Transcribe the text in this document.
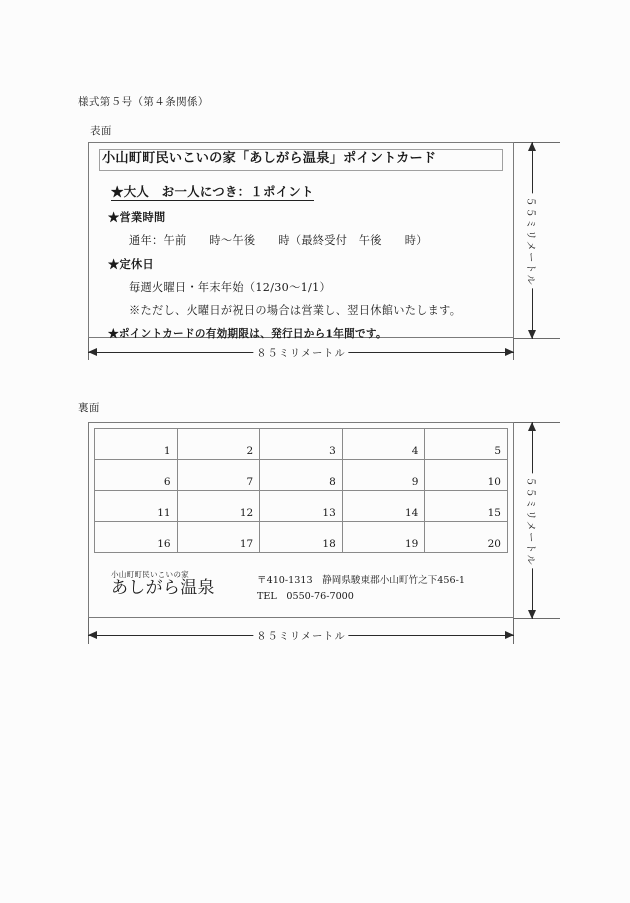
様式第５号（第４条関係）
表面
小山町町民いこいの家「あしがら温泉」ポイントカード
★大人　お一人につき：１ポイント
★営業時間
通年：午前　　時〜午後　　時（最終受付　午後　　時）
★定休日
毎週火曜日・年末年始（12/30〜1/1）
※ただし、火曜日が祝日の場合は営業し、翌日休館いたします。
★ポイントカードの有効期限は、発行日から1年間です。
５５ミリメートル
８５ミリメートル
裏面
1	2	3	4	5
6	7	8	9	10
11	12	13	14	15
16	17	18	19	20
小山町町民いこいの家
あしがら温泉	〒410-1313　静岡県駿東郡小山町竹之下456-1
TEL　0550-76-7000
５５ミリメートル
８５ミリメートル
